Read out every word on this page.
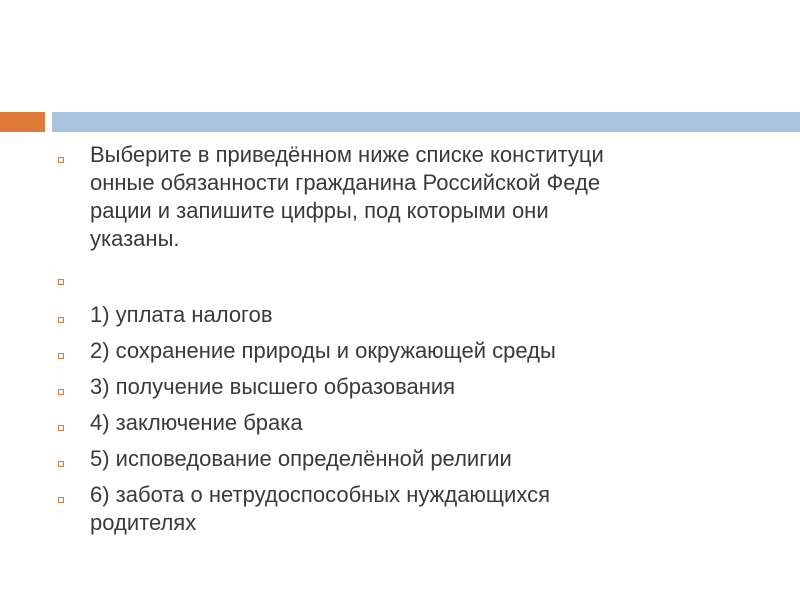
Выберите в приведённом ниже списке конституци
онные обязанности гражданина Российской Феде
рации и запишите цифры, под которыми они
указаны.
1) уплата налогов
2) сохранение природы и окружающей среды
3) получение высшего образования
4) заключение брака
5) исповедование определённой религии
6) забота о нетрудоспособных нуждающихся
родителях
